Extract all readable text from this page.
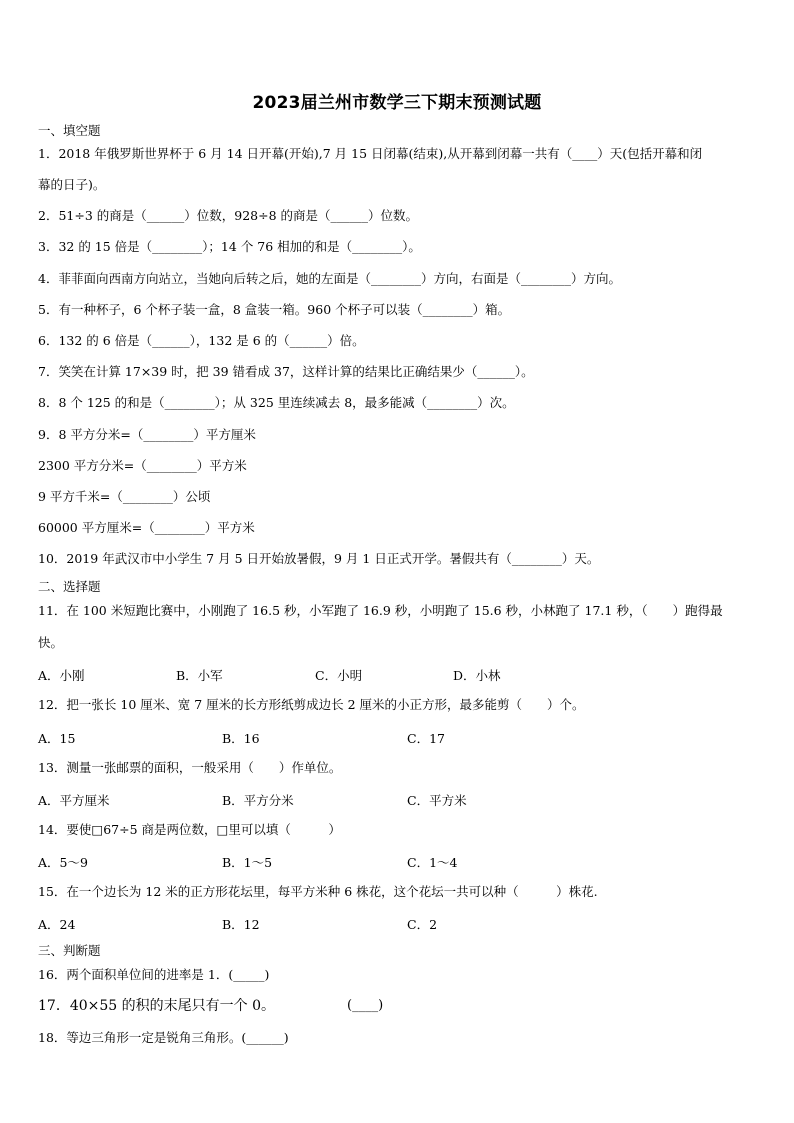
2023届兰州市数学三下期末预测试题
一、填空题
1．2018 年俄罗斯世界杯于 6 月 14 日开幕(开始),7 月 15 日闭幕(结束),从开幕到闭幕一共有（____）天(包括开幕和闭
幕的日子)。
2．51÷3 的商是（______）位数，928÷8 的商是（______）位数。
3．32 的 15 倍是（________）；14 个 76 相加的和是（________）。
4．菲菲面向西南方向站立，当她向后转之后，她的左面是（________）方向，右面是（________）方向。
5．有一种杯子，6 个杯子装一盒，8 盒装一箱。960 个杯子可以装（________）箱。
6．132 的 6 倍是（______），132 是 6 的（______）倍。
7．笑笑在计算 17×39 时，把 39 错看成 37，这样计算的结果比正确结果少（______）。
8．8 个 125 的和是（________）；从 325 里连续减去 8，最多能减（________）次。
9．8 平方分米=（________）平方厘米
2300 平方分米=（________）平方米
9 平方千米=（________）公顷
60000 平方厘米=（________）平方米
10．2019 年武汉市中小学生 7 月 5 日开始放暑假，9 月 1 日正式开学。暑假共有（________）天。
二、选择题
11．在 100 米短跑比赛中，小刚跑了 16.5 秒，小军跑了 16.9 秒，小明跑了 15.6 秒，小林跑了 17.1 秒，（　　）跑得最
快。
A．小刚	B．小军	C．小明	D．小林
12．把一张长 10 厘米、宽 7 厘米的长方形纸剪成边长 2 厘米的小正方形，最多能剪（　　）个。
A．15	B．16	C．17
13．测量一张邮票的面积，一般采用（　　）作单位。
A．平方厘米	B．平方分米	C．平方米
14．要使□67÷5 商是两位数，□里可以填（　　　）
A．5～9	B．1～5	C．1～4
15．在一个边长为 12 米的正方形花坛里，每平方米种 6 株花，这个花坛一共可以种（　　　）株花.
A．24	B．12	C．2
三、判断题
16．两个面积单位间的进率是 1．(_____)
17．40×55 的积的末尾只有一个 0。	(____)
18．等边三角形一定是锐角三角形。(______)
